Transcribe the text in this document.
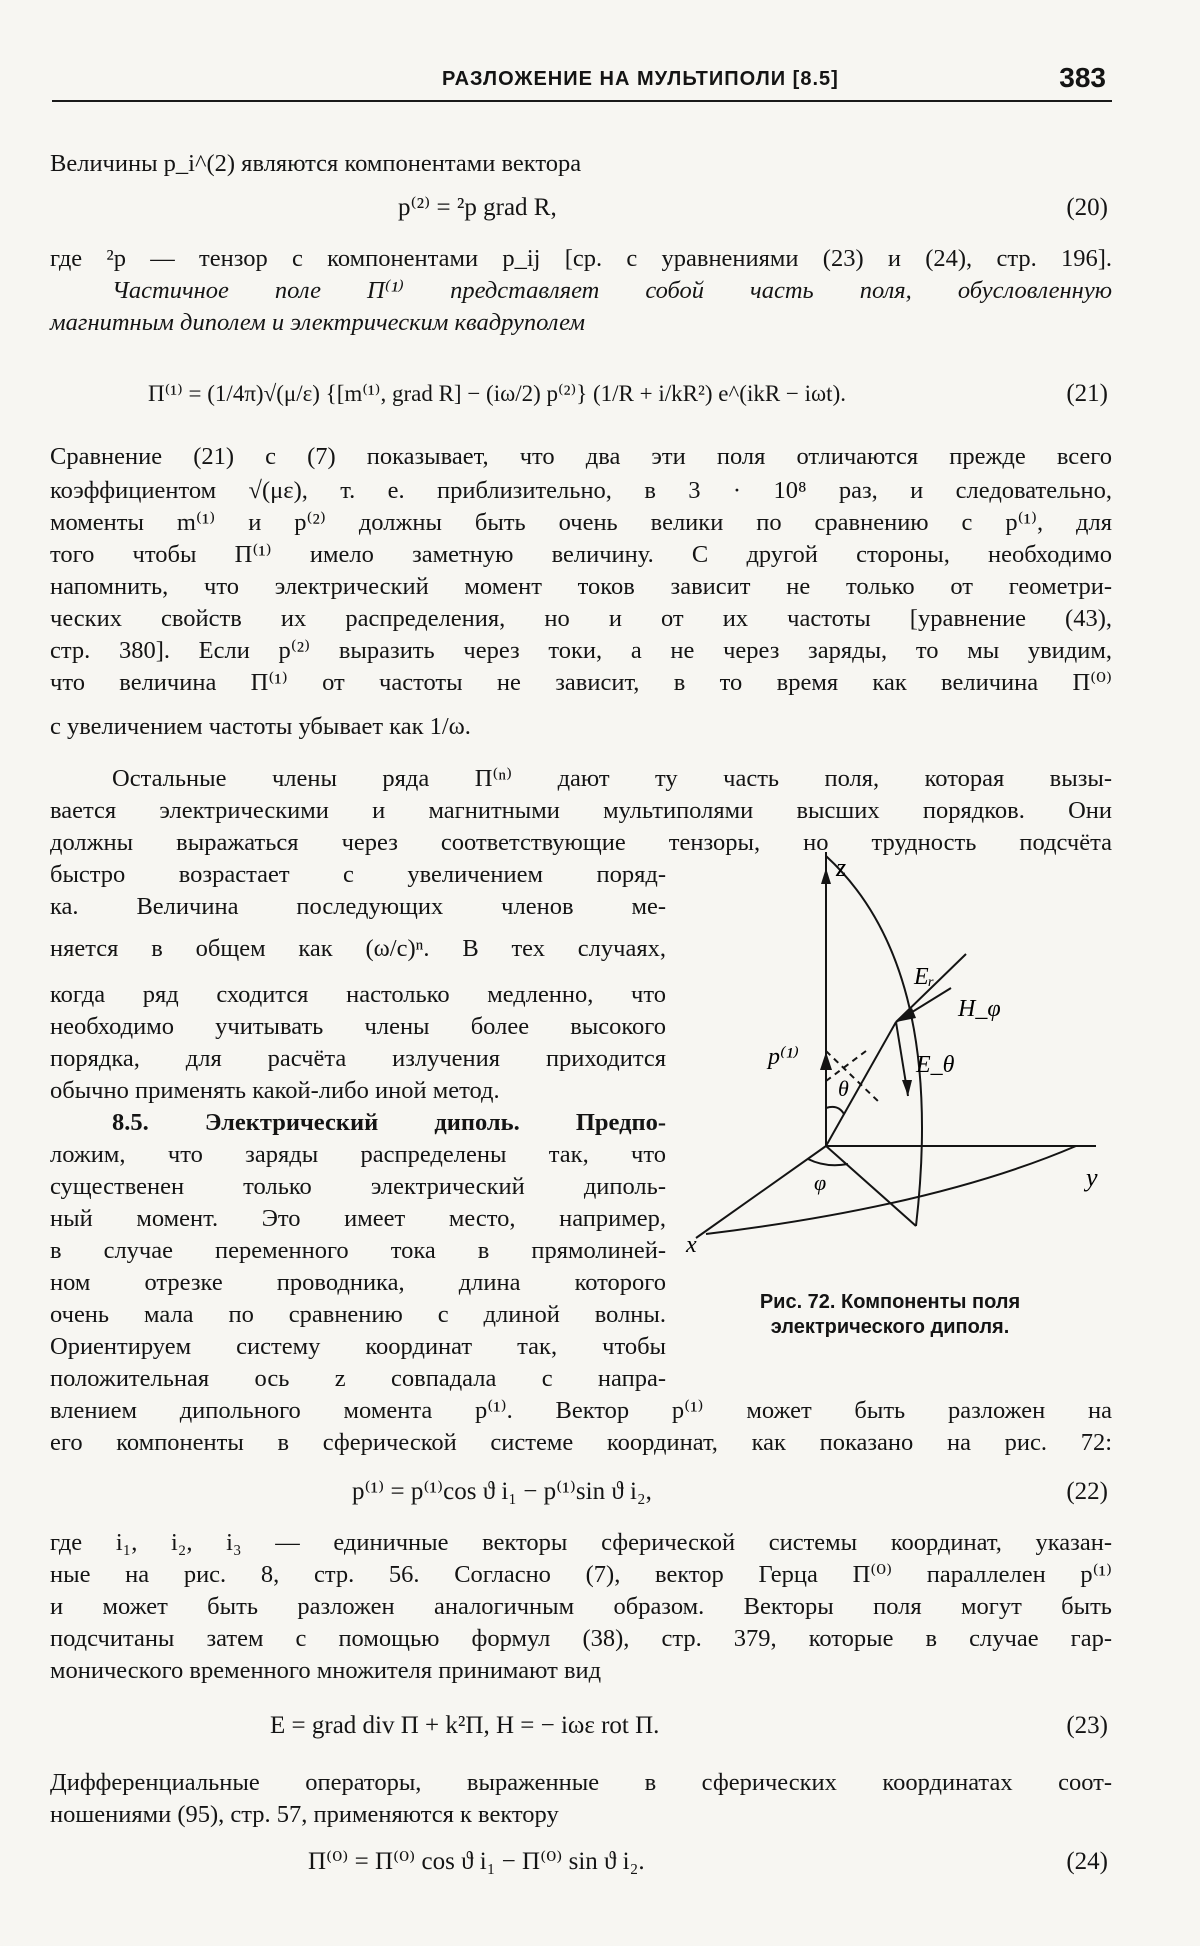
РАЗЛОЖЕНИЕ НА МУЛЬТИПОЛИ [8.5]	383
Величины p_i^(2) являются компонентами вектора
p⁽²⁾ = ²p grad R,	(20)
где ²p — тензор с компонентами p_ij [ср. с уравнениями (23) и (24), стр. 196].
Частичное поле П⁽¹⁾ представляет собой часть поля, обусловленную
магнитным диполем и электрическим квадруполем
П⁽¹⁾ = (1/4π)√(μ/ε) {[m⁽¹⁾, grad R] − (iω/2) p⁽²⁾} (1/R + i/kR²) e^(ikR − iωt).	(21)
Сравнение (21) с (7) показывает, что два эти поля отличаются прежде всего
коэффициентом √(με), т. е. приблизительно, в 3 · 10⁸ раз, и следовательно,
моменты m⁽¹⁾ и p⁽²⁾ должны быть очень велики по сравнению с p⁽¹⁾, для
того чтобы П⁽¹⁾ имело заметную величину. С другой стороны, необходимо
напомнить, что электрический момент токов зависит не только от геометри-
ческих свойств их распределения, но и от их частоты [уравнение (43),
стр. 380]. Если p⁽²⁾ выразить через токи, а не через заряды, то мы увидим,
что величина П⁽¹⁾ от частоты не зависит, в то время как величина П⁽⁰⁾
с увеличением частоты убывает как 1/ω.
Остальные члены ряда П⁽ⁿ⁾ дают ту часть поля, которая вызы-
вается электрическими и магнитными мультиполями высших порядков. Они
должны выражаться через соответствующие тензоры, но трудность подсчёта
быстро возрастает с увеличением поряд-
ка. Величина последующих членов ме-
няется в общем как (ω/c)ⁿ. В тех случаях,
когда ряд сходится настолько медленно, что
необходимо учитывать члены более высокого
порядка, для расчёта излучения приходится
обычно применять какой-либо иной метод.
8.5. Электрический диполь. Предпо-
ложим, что заряды распределены так, что
существенен только электрический диполь-
ный момент. Это имеет место, например,
в случае переменного тока в прямолиней-
ном отрезке проводника, длина которого
очень мала по сравнению с длиной волны.
Ориентируем систему координат так, чтобы
положительная ось z совпадала с напра-
влением дипольного момента p⁽¹⁾. Вектор p⁽¹⁾ может быть разложен на
его компоненты в сферической системе координат, как показано на рис. 72:
p⁽¹⁾ = p⁽¹⁾cos ϑ i₁ − p⁽¹⁾sin ϑ i₂,	(22)
где i₁, i₂, i₃ — единичные векторы сферической системы координат, указан-
ные на рис. 8, стр. 56. Согласно (7), вектор Герца П⁽⁰⁾ параллелен p⁽¹⁾
и может быть разложен аналогичным образом. Векторы поля могут быть
подсчитаны затем с помощью формул (38), стр. 379, которые в случае гар-
монического временного множителя принимают вид
E = grad div П + k²П, H = − iωε rot П.	(23)
Дифференциальные операторы, выраженные в сферических координатах соот-
ношениями (95), стр. 57, применяются к вектору
П⁽⁰⁾ = П⁽⁰⁾ cos ϑ i₁ − П⁽⁰⁾ sin ϑ i₂.	(24)
z
y
x
p⁽¹⁾
θ
φ
Eᵣ
E_θ
H_φ
Рис. 72. Компоненты поля электрического диполя.
